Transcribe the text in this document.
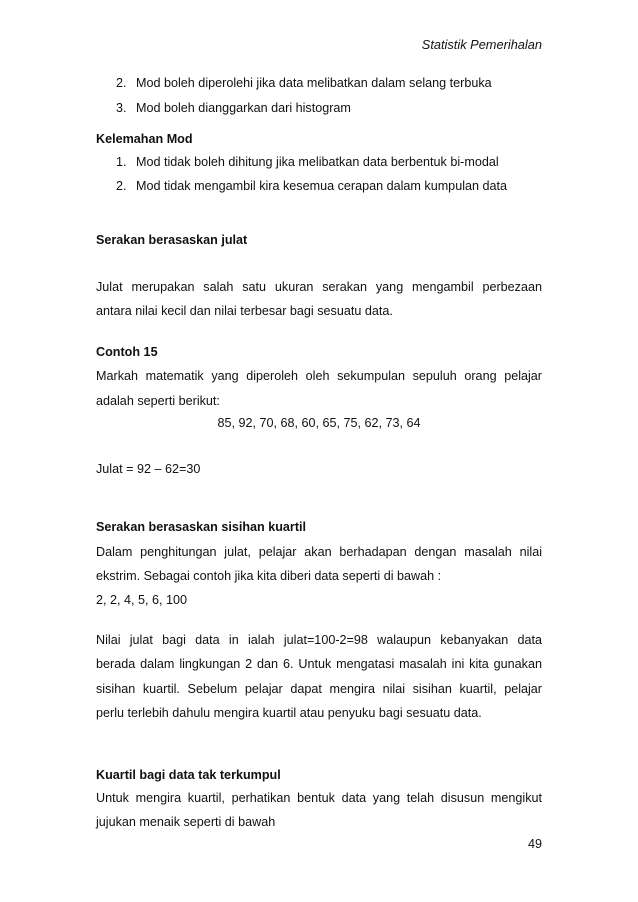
Statistik Pemerihalan
2. Mod boleh diperolehi jika data melibatkan dalam selang terbuka
3. Mod boleh dianggarkan dari histogram
Kelemahan Mod
1. Mod tidak boleh dihitung jika melibatkan data berbentuk bi-modal
2. Mod tidak mengambil kira kesemua cerapan dalam kumpulan data
Serakan berasaskan julat
Julat merupakan salah satu ukuran serakan yang mengambil perbezaan
antara nilai kecil dan nilai terbesar bagi sesuatu data.
Contoh 15
Markah matematik yang diperoleh oleh sekumpulan sepuluh orang pelajar
adalah seperti berikut:
85, 92, 70, 68, 60, 65, 75, 62, 73, 64
Julat = 92 – 62=30
Serakan berasaskan sisihan kuartil
Dalam penghitungan julat, pelajar akan berhadapan dengan masalah nilai
ekstrim. Sebagai contoh jika kita diberi data seperti di bawah :
2, 2, 4, 5, 6, 100
Nilai julat bagi data in ialah julat=100-2=98 walaupun kebanyakan data
berada dalam lingkungan 2 dan 6. Untuk mengatasi masalah ini kita gunakan
sisihan kuartil. Sebelum pelajar dapat mengira nilai sisihan kuartil, pelajar
perlu terlebih dahulu mengira kuartil atau penyuku bagi sesuatu data.
Kuartil bagi data tak terkumpul
Untuk mengira kuartil, perhatikan bentuk data yang telah disusun mengikut
jujukan menaik seperti di bawah
49
